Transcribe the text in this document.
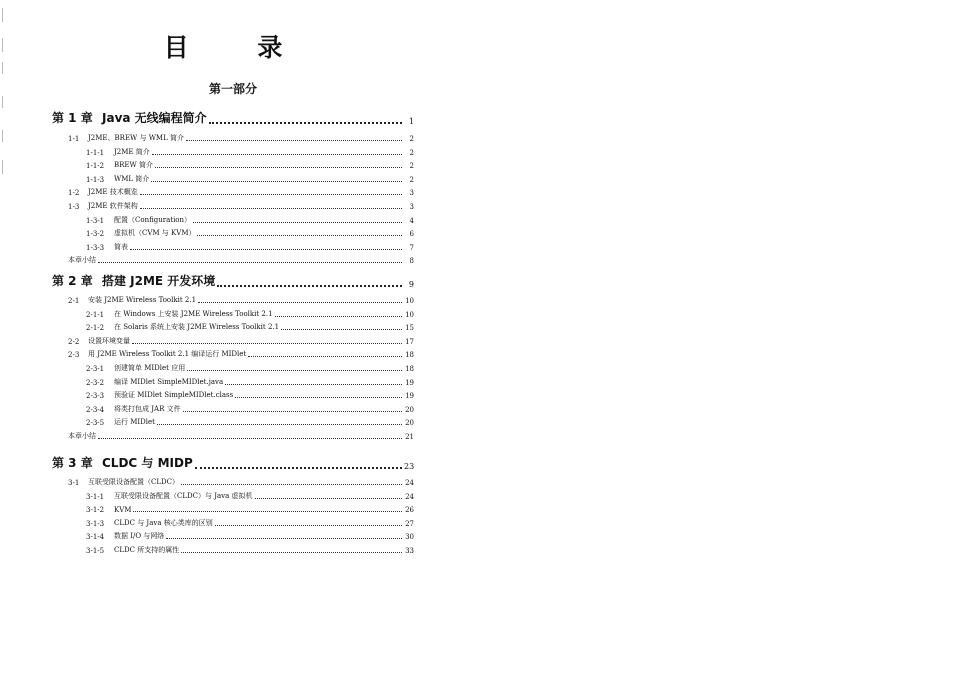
目 录
第一部分
第 1 章 Java 无线编程简介	1
1-1	J2ME、BREW 与 WML 简介	2
1-1-1	J2ME 简介	2
1-1-2	BREW 简介	2
1-1-3	WML 简介	2
1-2	J2ME 技术概览	3
1-3	J2ME 软件架构	3
1-3-1	配置（Configuration）	4
1-3-2	虚拟机（CVM 与 KVM）	6
1-3-3	简表	7
本章小结	8
第 2 章 搭建 J2ME 开发环境	9
2-1	安装 J2ME Wireless Toolkit 2.1	10
2-1-1	在 Windows 上安装 J2ME Wireless Toolkit 2.1	10
2-1-2	在 Solaris 系统上安装 J2ME Wireless Toolkit 2.1	15
2-2	设置环境变量	17
2-3	用 J2ME Wireless Toolkit 2.1 编译运行 MIDlet	18
2-3-1	创建简单 MIDlet 应用	18
2-3-2	编译 MIDlet SimpleMIDlet.java	19
2-3-3	预验证 MIDlet SimpleMIDlet.class	19
2-3-4	将类打包成 JAR 文件	20
2-3-5	运行 MIDlet	20
本章小结	21
第 3 章 CLDC 与 MIDP	23
3-1	互联受限设备配置（CLDC）	24
3-1-1	互联受限设备配置（CLDC）与 Java 虚拟机	24
3-1-2	KVM	26
3-1-3	CLDC 与 Java 核心类库的区别	27
3-1-4	数据 I/O 与网络	30
3-1-5	CLDC 所支持的属性	33
